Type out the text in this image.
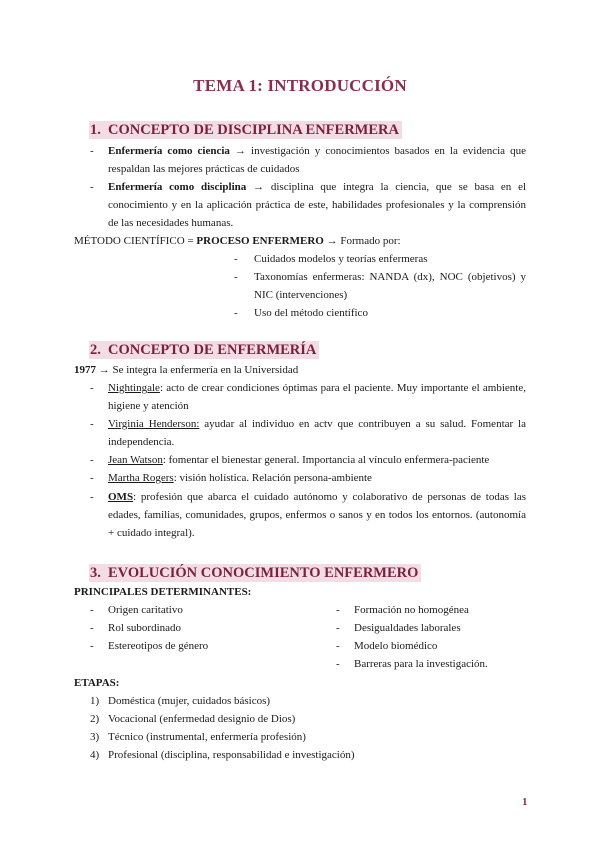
TEMA 1: INTRODUCCIÓN
1. CONCEPTO DE DISCIPLINA ENFERMERA
- Enfermería como ciencia → investigación y conocimientos basados en la evidencia que respaldan las mejores prácticas de cuidados
- Enfermería como disciplina → disciplina que integra la ciencia, que se basa en el conocimiento y en la aplicación práctica de este, habilidades profesionales y la comprensión de las necesidades humanas.
MÉTODO CIENTÍFICO = PROCESO ENFERMERO → Formado por:
- Cuidados modelos y teorías enfermeras
- Taxonomías enfermeras: NANDA (dx), NOC (objetivos) y NIC (intervenciones)
- Uso del método científico
2. CONCEPTO DE ENFERMERÍA
1977 → Se integra la enfermería en la Universidad
- Nightingale: acto de crear condiciones óptimas para el paciente. Muy importante el ambiente, higiene y atención
- Virginia Henderson: ayudar al individuo en actv que contribuyen a su salud. Fomentar la independencia.
- Jean Watson: fomentar el bienestar general. Importancia al vínculo enfermera-paciente
- Martha Rogers: visión holística. Relación persona-ambiente
- OMS: profesión que abarca el cuidado autónomo y colaborativo de personas de todas las edades, familias, comunidades, grupos, enfermos o sanos y en todos los entornos. (autonomía + cuidado integral).
3. EVOLUCIÓN CONOCIMIENTO ENFERMERO
PRINCIPALES DETERMINANTES:
- Origen caritativo
- Rol subordinado
- Estereotipos de género
- Formación no homogénea
- Desigualdades laborales
- Modelo biomédico
- Barreras para la investigación.
ETAPAS:
1) Doméstica (mujer, cuidados básicos)
2) Vocacional (enfermedad designio de Dios)
3) Técnico (instrumental, enfermería profesión)
4) Profesional (disciplina, responsabilidad e investigación)
1
